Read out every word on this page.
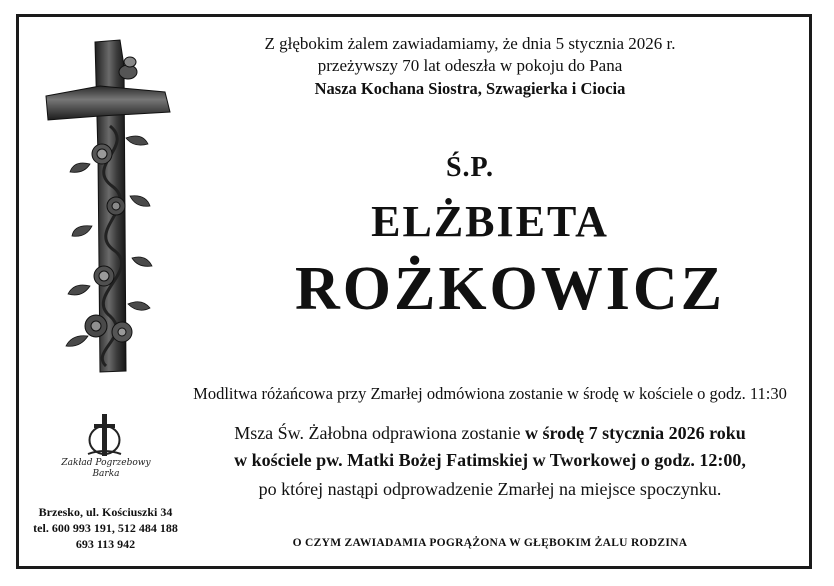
Z głębokim żalem zawiadamiamy, że dnia 5 stycznia 2026 r.
przeżywszy 70 lat odeszła w pokoju do Pana
Nasza Kochana Siostra, Szwagierka i Ciocia
Ś.P.
ELŻBIETA
ROŻKOWICZ
Modlitwa różańcowa przy Zmarłej odmówiona zostanie w środę w kościele o godz. 11:30
Msza Św. Żałobna odprawiona zostanie w środę 7 stycznia 2026 roku
w kościele pw. Matki Bożej Fatimskiej w Tworkowej o godz. 12:00,
po której nastąpi odprowadzenie Zmarłej na miejsce spoczynku.
Zakład Pogrzebowy
Barka
Brzesko, ul. Kościuszki 34
tel. 600 993 191, 512 484 188
693 113 942	O CZYM ZAWIADAMIA POGRĄŻONA W GŁĘBOKIM ŻALU RODZINA
